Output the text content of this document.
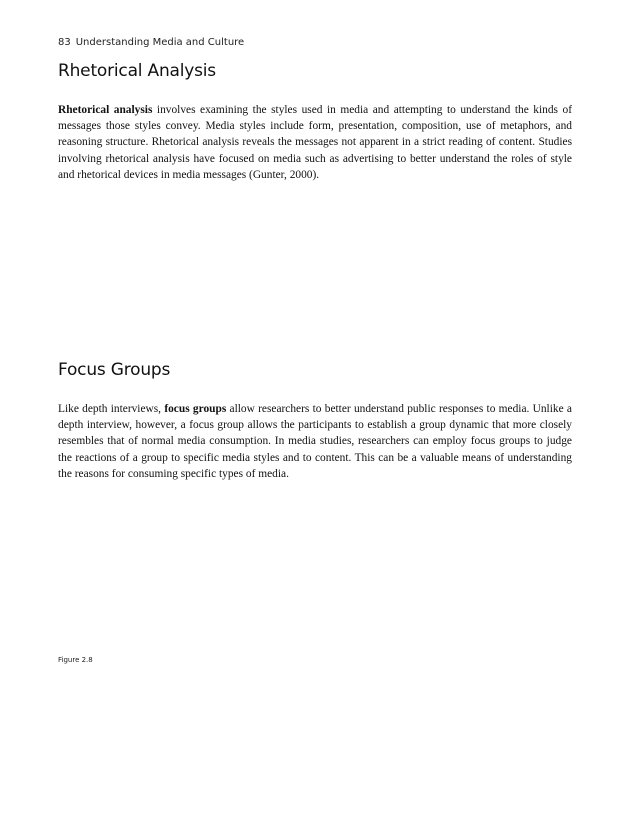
83 Understanding Media and Culture
Rhetorical Analysis

Rhetorical analysis involves examining the styles used in media and attempting to understand the kinds of messages those styles convey. Media styles include form, presentation, composition, use of metaphors, and reasoning structure. Rhetorical analysis reveals the messages not apparent in a strict reading of content. Studies involving rhetorical analysis have focused on media such as advertising to better understand the roles of style and rhetorical devices in media messages (Gunter, 2000).

Focus Groups

Like depth interviews, focus groups allow researchers to better understand public responses to media. Unlike a depth interview, however, a focus group allows the participants to establish a group dynamic that more closely resembles that of normal media consumption. In media studies, researchers can employ focus groups to judge the reactions of a group to specific media styles and to content. This can be a valuable means of understanding the reasons for consuming specific types of media.

Figure 2.8
